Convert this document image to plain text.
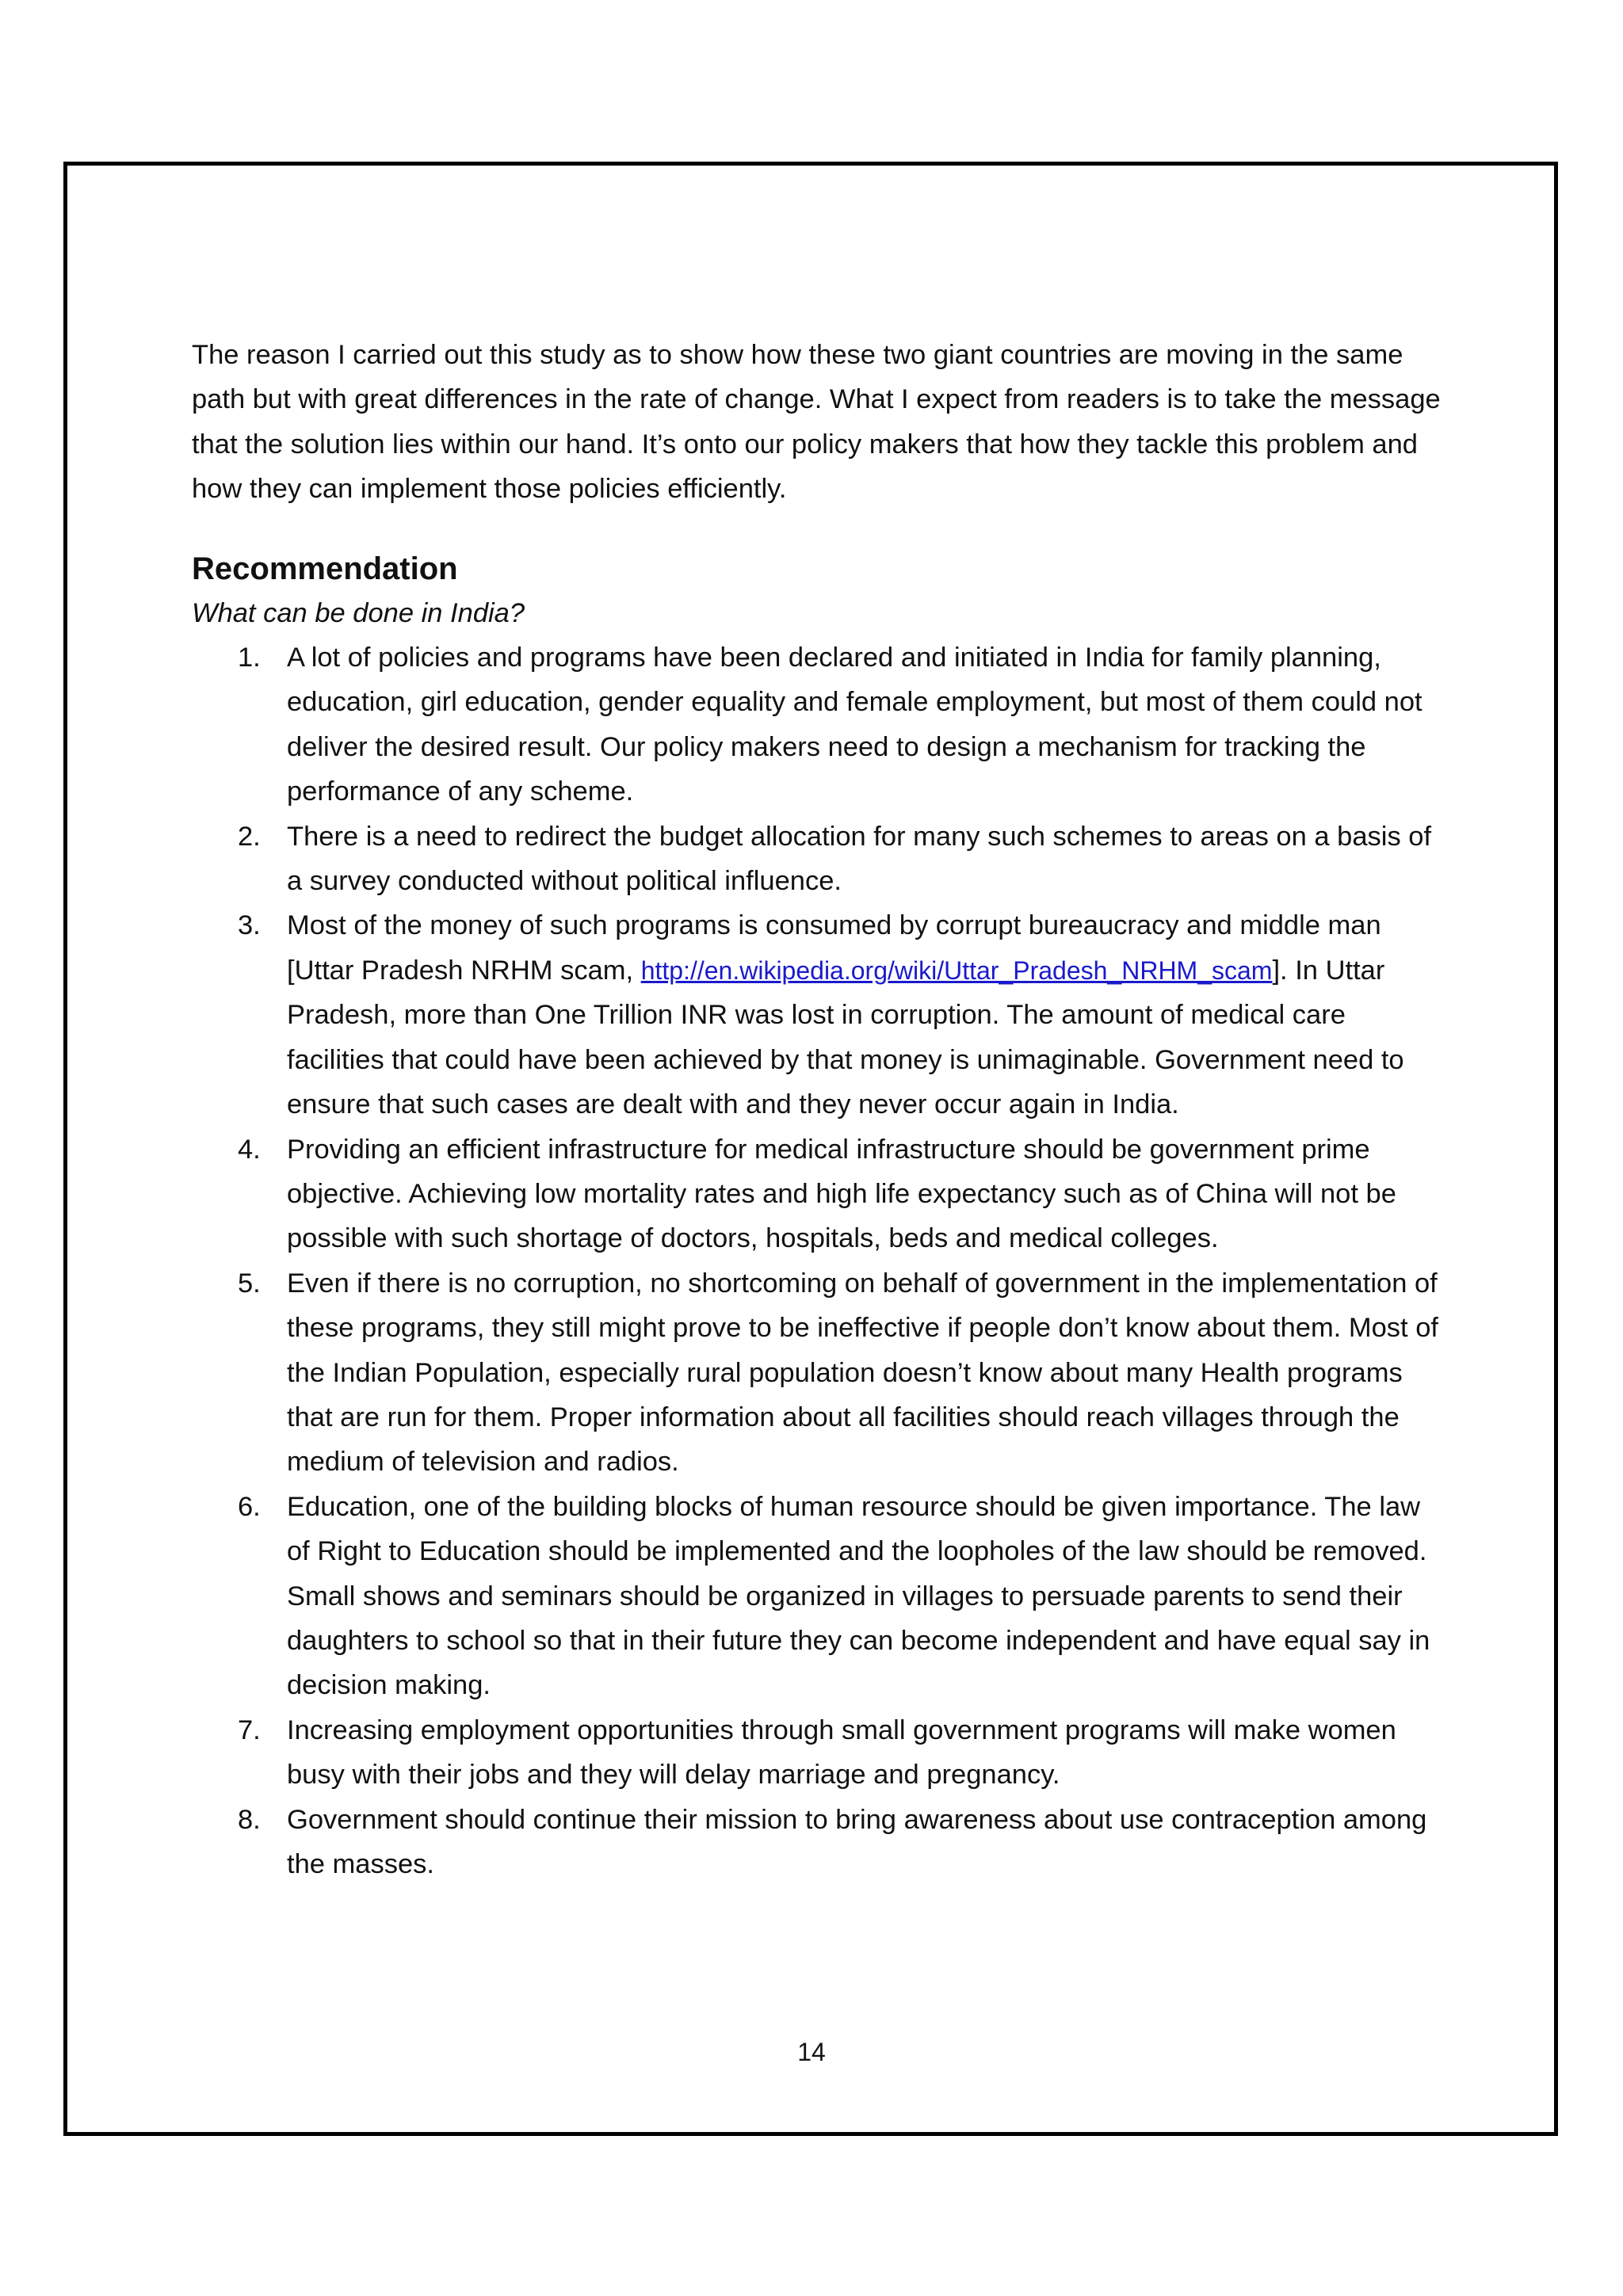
The reason I carried out this study as to show how these two giant countries are moving in the same path but with great differences in the rate of change. What I expect from readers is to take the message that the solution lies within our hand. It’s onto our policy makers that how they tackle this problem and how they can implement those policies efficiently.

Recommendation

What can be done in India?

1. A lot of policies and programs have been declared and initiated in India for family planning, education, girl education, gender equality and female employment, but most of them could not deliver the desired result. Our policy makers need to design a mechanism for tracking the performance of any scheme.
2. There is a need to redirect the budget allocation for many such schemes to areas on a basis of a survey conducted without political influence.
3. Most of the money of such programs is consumed by corrupt bureaucracy and middle man [Uttar Pradesh NRHM scam, http://en.wikipedia.org/wiki/Uttar_Pradesh_NRHM_scam]. In Uttar Pradesh, more than One Trillion INR was lost in corruption. The amount of medical care facilities that could have been achieved by that money is unimaginable. Government need to ensure that such cases are dealt with and they never occur again in India.
4. Providing an efficient infrastructure for medical infrastructure should be government prime objective. Achieving low mortality rates and high life expectancy such as of China will not be possible with such shortage of doctors, hospitals, beds and medical colleges.
5. Even if there is no corruption, no shortcoming on behalf of government in the implementation of these programs, they still might prove to be ineffective if people don’t know about them. Most of the Indian Population, especially rural population doesn’t know about many Health programs that are run for them. Proper information about all facilities should reach villages through the medium of television and radios.
6. Education, one of the building blocks of human resource should be given importance. The law of Right to Education should be implemented and the loopholes of the law should be removed. Small shows and seminars should be organized in villages to persuade parents to send their daughters to school so that in their future they can become independent and have equal say in decision making.
7. Increasing employment opportunities through small government programs will make women busy with their jobs and they will delay marriage and pregnancy.
8. Government should continue their mission to bring awareness about use contraception among the masses.
14
